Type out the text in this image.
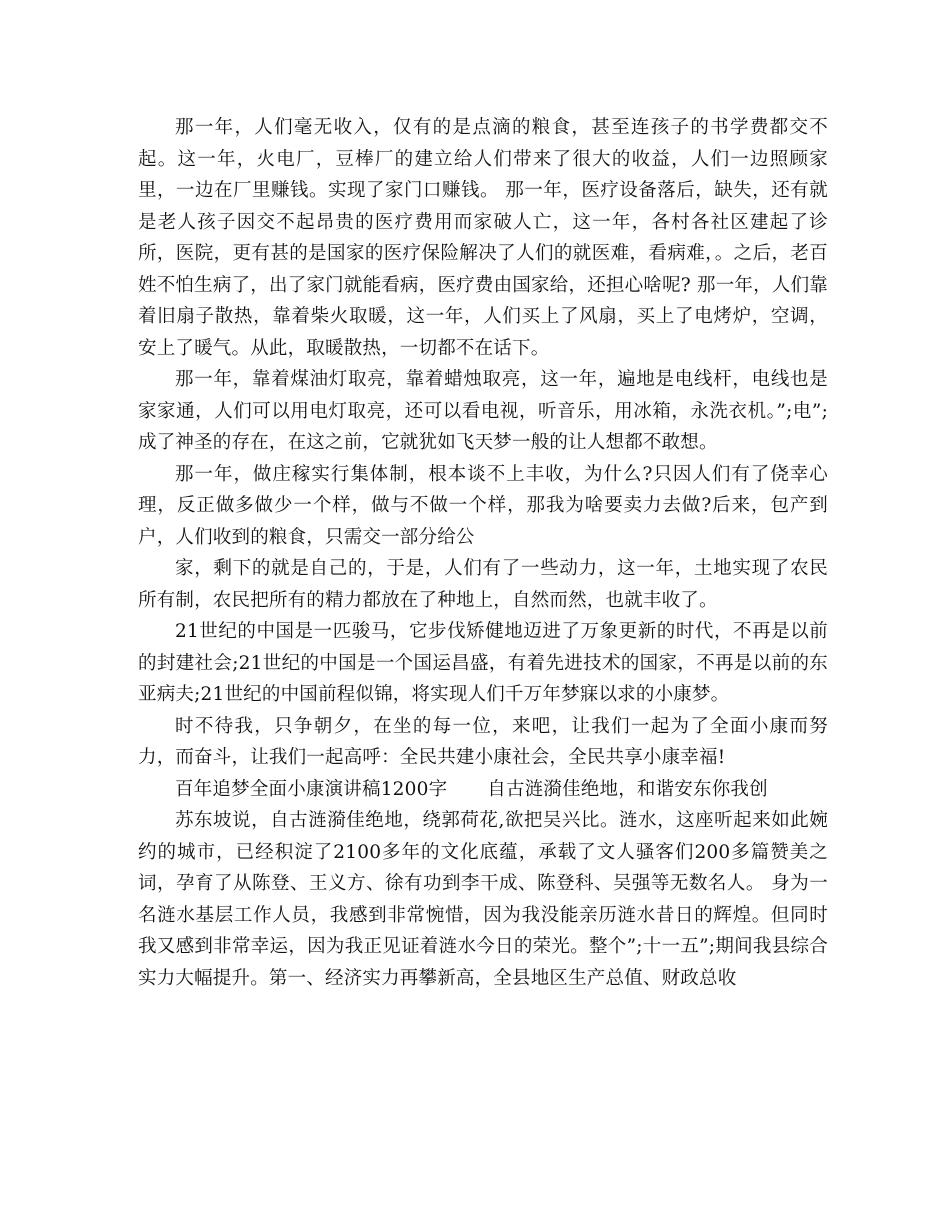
那一年，人们毫无收入，仅有的是点滴的粮食，甚至连孩子的书学费都交不起。这一年，火电厂，豆棒厂的建立给人们带来了很大的收益，人们一边照顾家里，一边在厂里赚钱。实现了家门口赚钱。 那一年，医疗设备落后，缺失，还有就是老人孩子因交不起昂贵的医疗费用而家破人亡，这一年，各村各社区建起了诊所，医院，更有甚的是国家的医疗保险解决了人们的就医难，看病难，。之后，老百姓不怕生病了，出了家门就能看病，医疗费由国家给，还担心啥呢? 那一年，人们靠着旧扇子散热，靠着柴火取暖，这一年，人们买上了风扇，买上了电烤炉，空调，安上了暖气。从此，取暖散热，一切都不在话下。

那一年，靠着煤油灯取亮，靠着蜡烛取亮，这一年，遍地是电线杆，电线也是家家通，人们可以用电灯取亮，还可以看电视，听音乐，用冰箱，永洗衣机。”;电”;成了神圣的存在，在这之前，它就犹如飞天梦一般的让人想都不敢想。

那一年，做庄稼实行集体制，根本谈不上丰收，为什么?只因人们有了侥幸心理，反正做多做少一个样，做与不做一个样，那我为啥要卖力去做?后来，包产到户，人们收到的粮食，只需交一部分给公

家，剩下的就是自己的，于是，人们有了一些动力，这一年，土地实现了农民所有制，农民把所有的精力都放在了种地上，自然而然，也就丰收了。

21世纪的中国是一匹骏马，它步伐矫健地迈进了万象更新的时代，不再是以前的封建社会;21世纪的中国是一个国运昌盛，有着先进技术的国家，不再是以前的东亚病夫;21世纪的中国前程似锦，将实现人们千万年梦寐以求的小康梦。

时不待我，只争朝夕，在坐的每一位，来吧，让我们一起为了全面小康而努力，而奋斗，让我们一起高呼：全民共建小康社会，全民共享小康幸福!

百年追梦全面小康演讲稿1200字 自古涟漪佳绝地，和谐安东你我创

苏东坡说，自古涟漪佳绝地，绕郭荷花,欲把吴兴比。涟水，这座听起来如此婉约的城市，已经积淀了2100多年的文化底蕴，承载了文人骚客们200多篇赞美之词，孕育了从陈登、王义方、徐有功到李干成、陈登科、吴强等无数名人。 身为一名涟水基层工作人员，我感到非常惋惜，因为我没能亲历涟水昔日的辉煌。但同时我又感到非常幸运，因为我正见证着涟水今日的荣光。整个”;十一五”;期间我县综合实力大幅提升。第一、经济实力再攀新高，全县地区生产总值、财政总收
